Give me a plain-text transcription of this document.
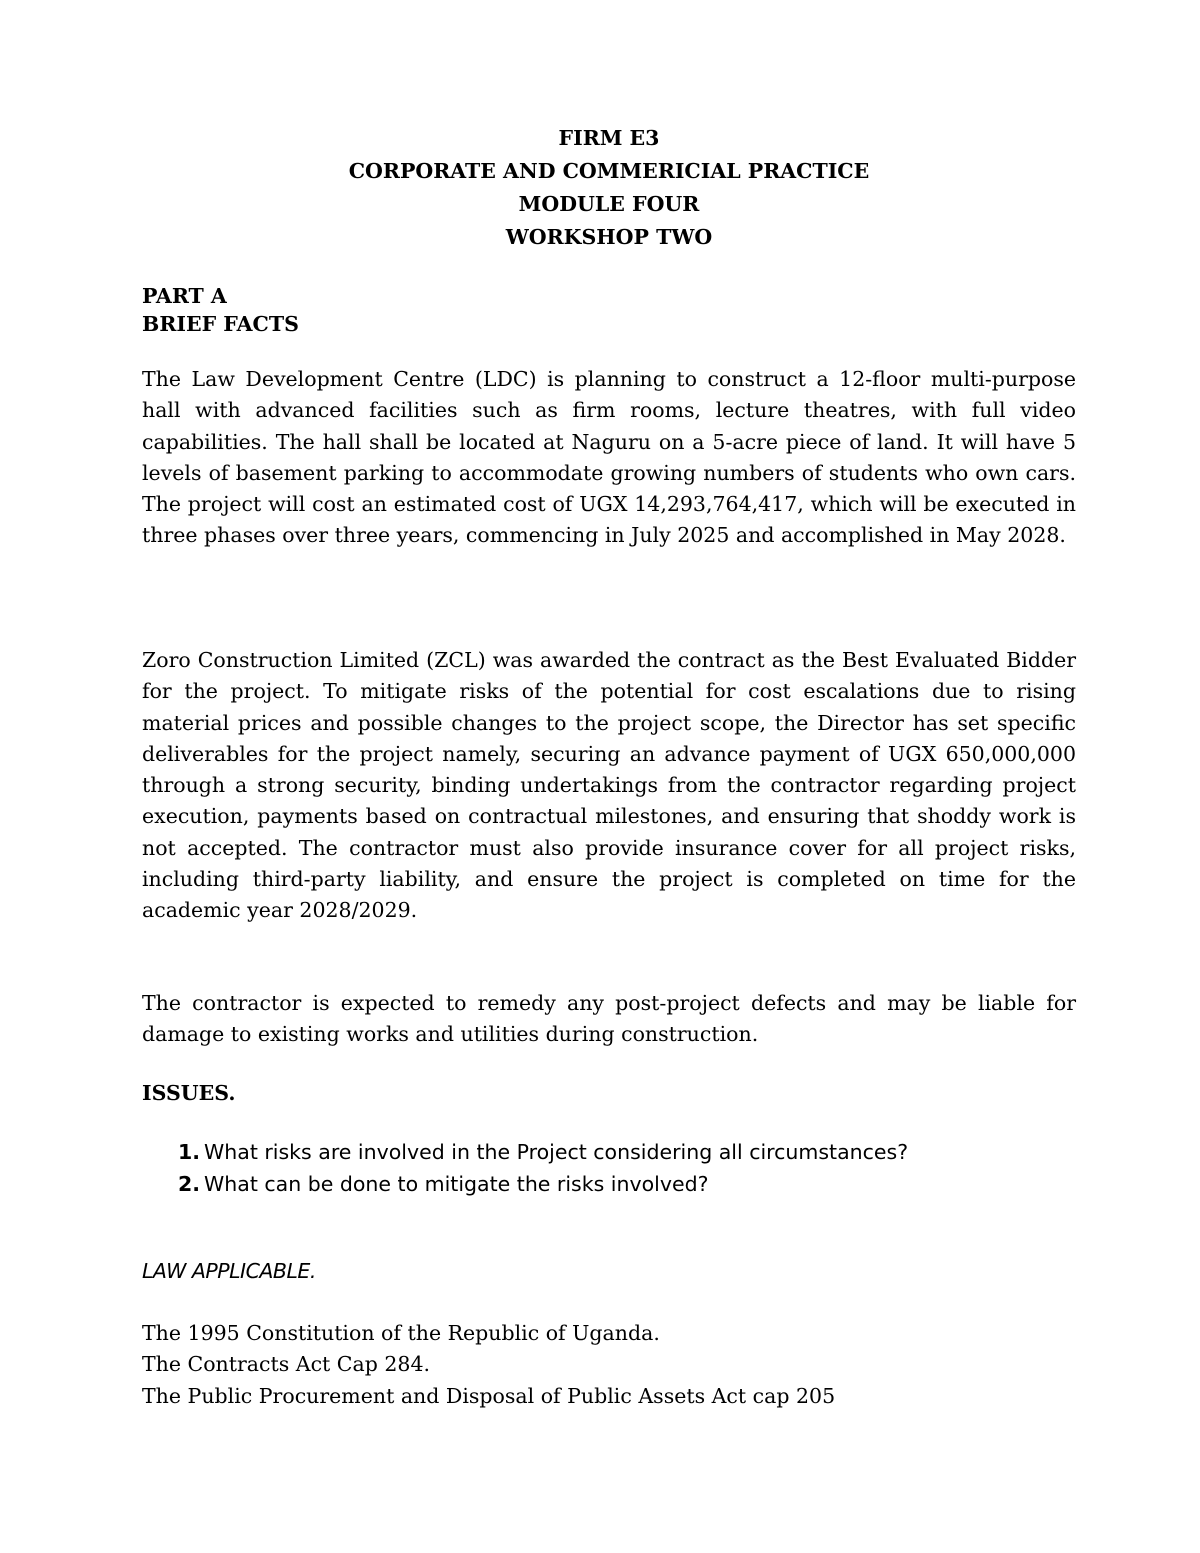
FIRM E3
CORPORATE AND COMMERICIAL PRACTICE
MODULE FOUR
WORKSHOP TWO
PART A
BRIEF FACTS

The Law Development Centre (LDC) is planning to construct a 12-floor multi-purpose hall with advanced facilities such as firm rooms, lecture theatres, with full video capabilities. The hall shall be located at Naguru on a 5-acre piece of land. It will have 5 levels of basement parking to accommodate growing numbers of students who own cars. The project will cost an estimated cost of UGX 14,293,764,417, which will be executed in three phases over three years, commencing in July 2025 and accomplished in May 2028.

Zoro Construction Limited (ZCL) was awarded the contract as the Best Evaluated Bidder for the project. To mitigate risks of the potential for cost escalations due to rising material prices and possible changes to the project scope, the Director has set specific deliverables for the project namely, securing an advance payment of UGX 650,000,000 through a strong security, binding undertakings from the contractor regarding project execution, payments based on contractual milestones, and ensuring that shoddy work is not accepted. The contractor must also provide insurance cover for all project risks, including third-party liability, and ensure the project is completed on time for the academic year 2028/2029.

The contractor is expected to remedy any post-project defects and may be liable for damage to existing works and utilities during construction.

ISSUES.
1. What risks are involved in the Project considering all circumstances?
2. What can be done to mitigate the risks involved?
LAW APPLICABLE.
The 1995 Constitution of the Republic of Uganda.
The Contracts Act Cap 284.
The Public Procurement and Disposal of Public Assets Act cap 205
